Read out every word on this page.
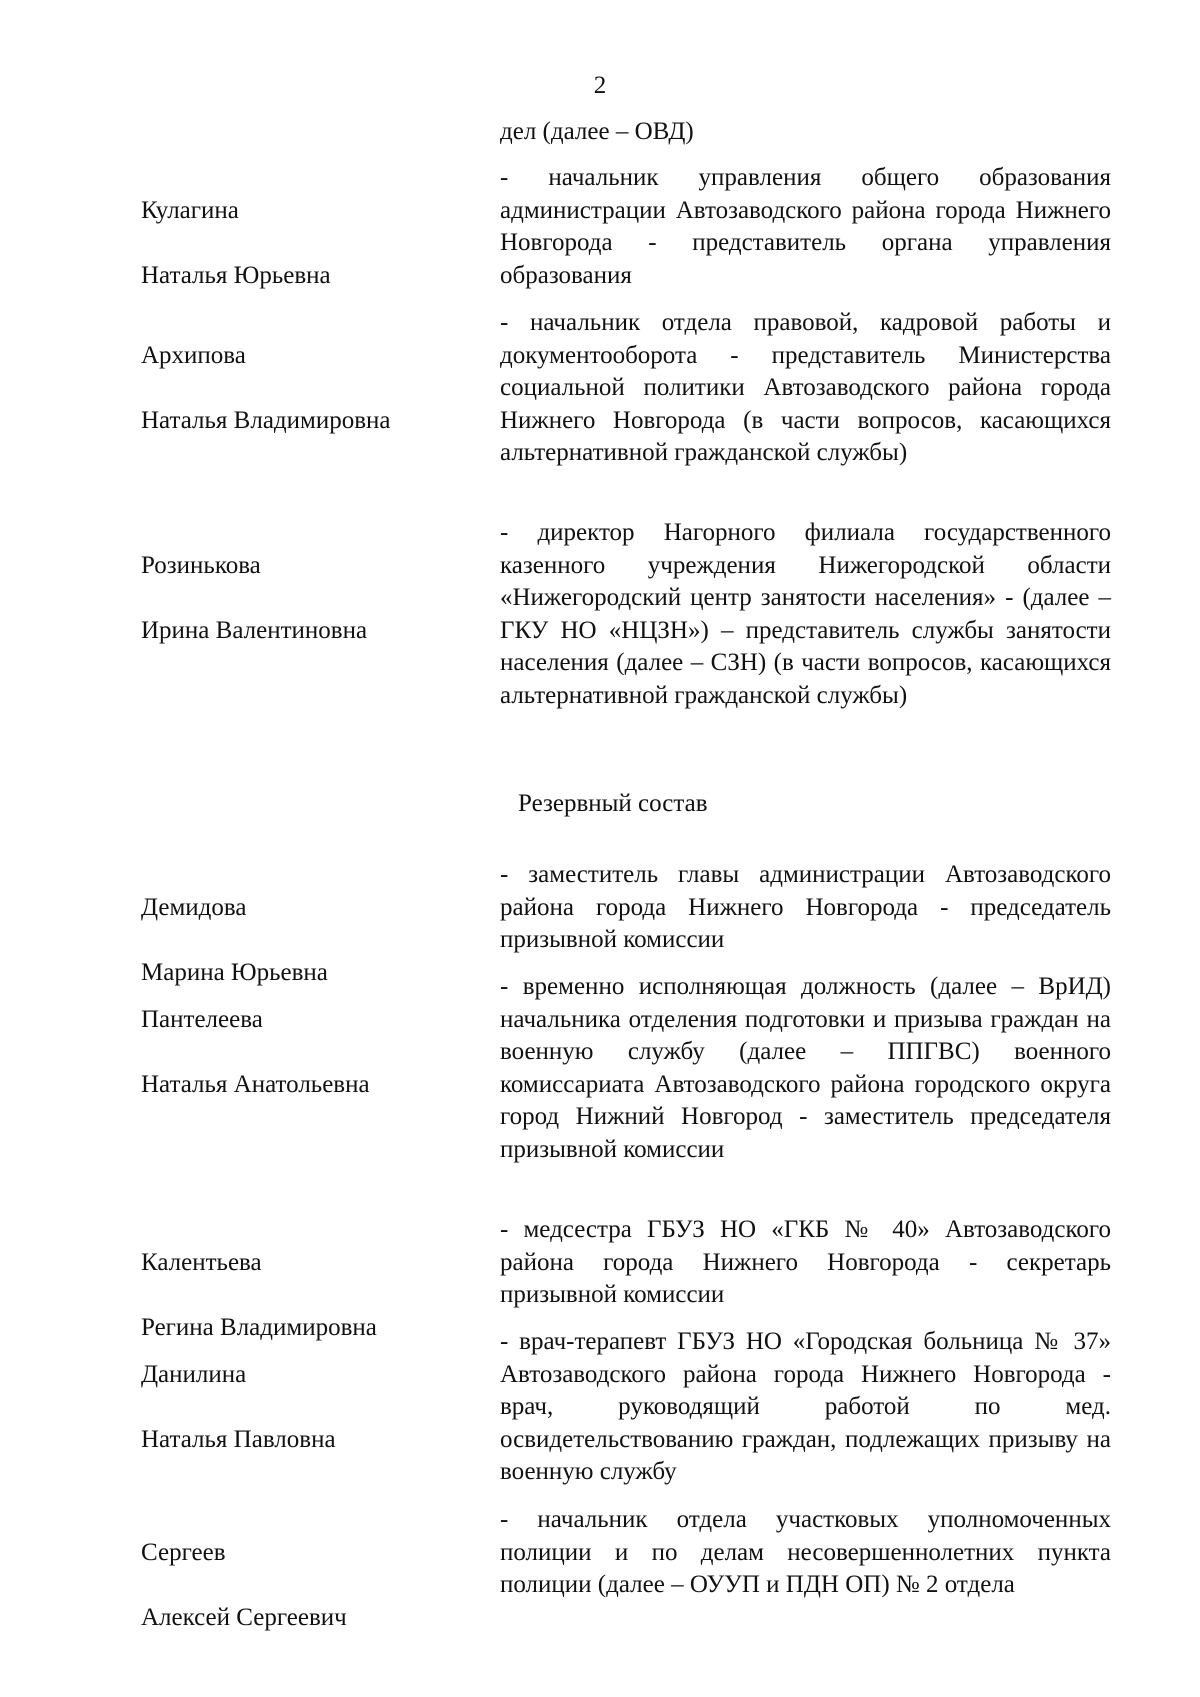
2
дел (далее – ОВД)

Кулагина

Наталья Юрьевна

- начальник управления общего образования администрации Автозаводского района города Нижнего Новгорода - представитель органа управления образования

Архипова

Наталья Владимировна

- начальник отдела правовой, кадровой работы и документооборота - представитель Министерства социальной политики Автозаводского района города Нижнего Новгорода (в части вопросов, касающихся альтернативной гражданской службы)

Розинькова

Ирина Валентиновна

- директор Нагорного филиала государственного казенного учреждения Нижегородской области «Нижегородский центр занятости населения» - (далее – ГКУ НО «НЦЗН») – представитель службы занятости населения (далее – СЗН) (в части вопросов, касающихся альтернативной гражданской службы)
Резервный состав

Демидова

Марина Юрьевна

- заместитель главы администрации Автозаводского района города Нижнего Новгорода - председатель призывной комиссии

Пантелеева

Наталья Анатольевна

- временно исполняющая должность (далее – ВрИД) начальника отделения подготовки и призыва граждан на военную службу (далее – ППГВС) военного комиссариата Автозаводского района городского округа город Нижний Новгород - заместитель председателя призывной комиссии

Калентьева

Регина Владимировна

- медсестра ГБУЗ НО «ГКБ № 40» Автозаводского района города Нижнего Новгорода - секретарь призывной комиссии

Данилина

Наталья Павловна

- врач-терапевт ГБУЗ НО «Городская больница № 37» Автозаводского района города Нижнего Новгорода - врач, руководящий работой по мед. освидетельствованию граждан, подлежащих призыву на военную службу

Сергеев

Алексей Сергеевич

- начальник отдела участковых уполномоченных полиции и по делам несовершеннолетних пункта полиции (далее – ОУУП и ПДН ОП) № 2 отдела
